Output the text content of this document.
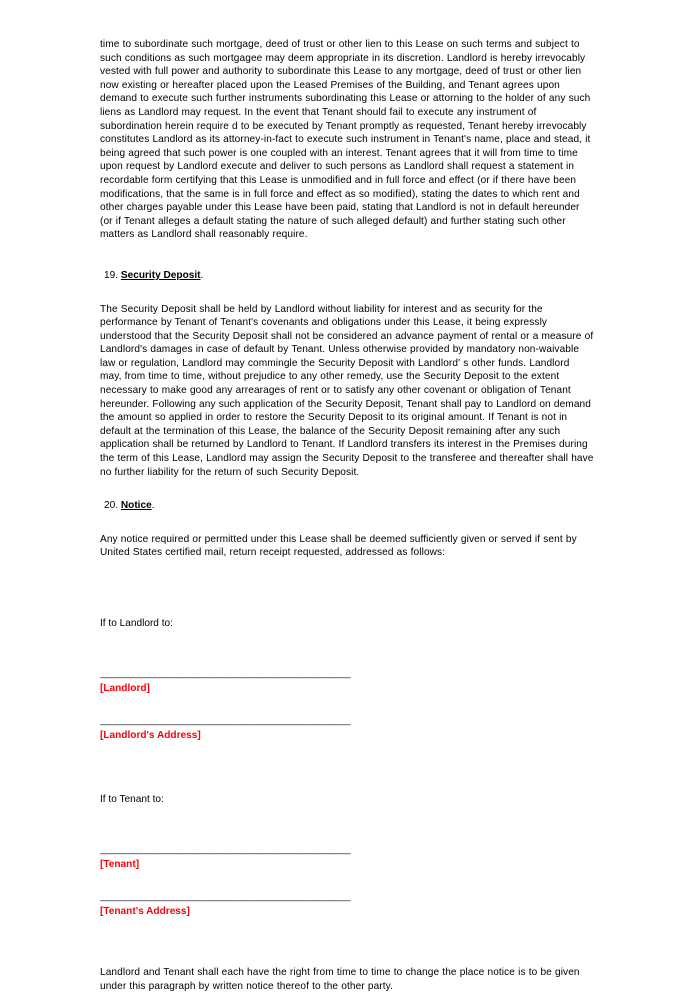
time to subordinate such mortgage, deed of trust or other lien to this Lease on such terms and subject to such conditions as such mortgagee may deem appropriate in its discretion. Landlord is hereby irrevocably vested with full power and authority to subordinate this Lease to any mortgage, deed of trust or other lien now existing or hereafter placed upon the Leased Premises of the Building, and Tenant agrees upon demand to execute such further instruments subordinating this Lease or attorning to the holder of any such liens as Landlord may request. In the event that Tenant should fail to execute any instrument of subordination herein require d to be executed by Tenant promptly as requested, Tenant hereby irrevocably constitutes Landlord as its attorney-in-fact to execute such instrument in Tenant's name, place and stead, it being agreed that such power is one coupled with an interest. Tenant agrees that it will from time to time upon request by Landlord execute and deliver to such persons as Landlord shall request a statement in recordable form certifying that this Lease is unmodified and in full force and effect (or if there have been modifications, that the same is in full force and effect as so modified), stating the dates to which rent and other charges payable under this Lease have been paid, stating that Landlord is not in default hereunder (or if Tenant alleges a default stating the nature of such alleged default) and further stating such other matters as Landlord shall reasonably require.

19. Security Deposit.

The Security Deposit shall be held by Landlord without liability for interest and as security for the performance by Tenant of Tenant's covenants and obligations under this Lease, it being expressly understood that the Security Deposit shall not be considered an advance payment of rental or a measure of Landlord's damages in case of default by Tenant. Unless otherwise provided by mandatory non-waivable law or regulation, Landlord may commingle the Security Deposit with Landlord' s other funds. Landlord may, from time to time, without prejudice to any other remedy, use the Security Deposit to the extent necessary to make good any arrearages of rent or to satisfy any other covenant or obligation of Tenant hereunder. Following any such application of the Security Deposit, Tenant shall pay to Landlord on demand the amount so applied in order to restore the Security Deposit to its original amount. If Tenant is not in default at the termination of this Lease, the balance of the Security Deposit remaining after any such application shall be returned by Landlord to Tenant. If Landlord transfers its interest in the Premises during the term of this Lease, Landlord may assign the Security Deposit to the transferee and thereafter shall have no further liability for the return of such Security Deposit.

20. Notice.

Any notice required or permitted under this Lease shall be deemed sufficiently given or served if sent by United States certified mail, return receipt requested, addressed as follows:

If to Landlord to:

________________________________________________
[Landlord]
________________________________________________
[Landlord's Address]

If to Tenant to:

________________________________________________
[Tenant]
________________________________________________
[Tenant's Address]

Landlord and Tenant shall each have the right from time to time to change the place notice is to be given under this paragraph by written notice thereof to the other party.
